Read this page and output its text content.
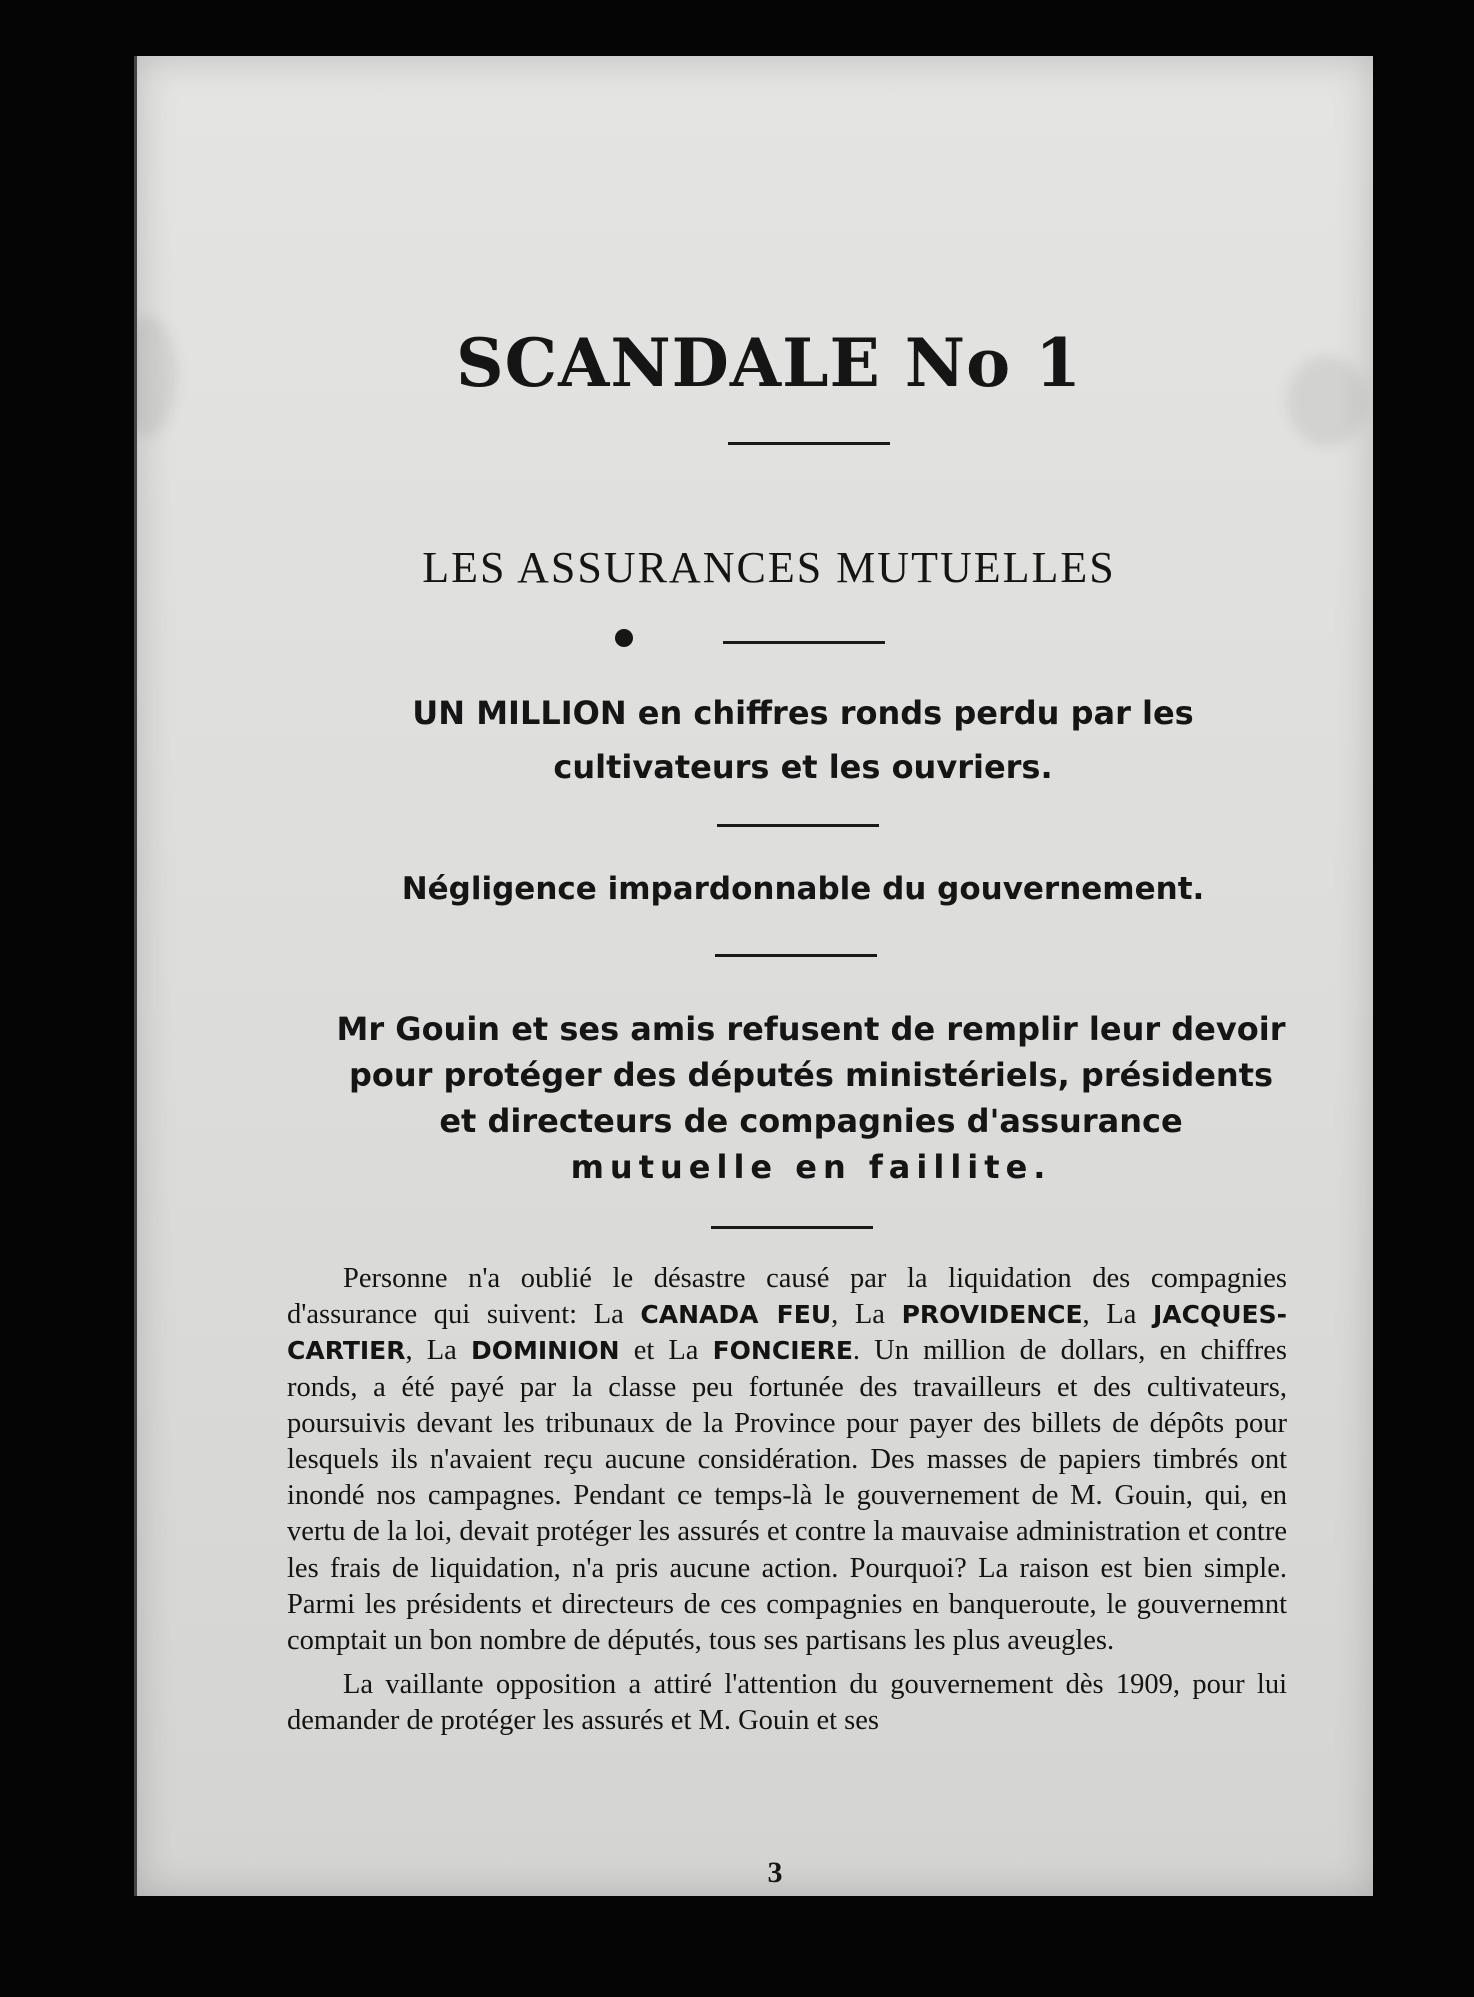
SCANDALE No 1
LES ASSURANCES MUTUELLES
UN MILLION en chiffres ronds perdu par les
cultivateurs et les ouvriers.
Négligence impardonnable du gouvernement.
Mr Gouin et ses amis refusent de remplir leur devoir
pour protéger des députés ministériels, présidents
et directeurs de compagnies d'assurance
mutuelle en faillite.

Personne n'a oublié le désastre causé par la liquidation des compagnies d'assurance qui suivent: La CANADA FEU, La PROVIDENCE, La JACQUES-CARTIER, La DOMINION et La FONCIERE. Un million de dollars, en chiffres ronds, a été payé par la classe peu fortunée des travailleurs et des cultivateurs, poursuivis devant les tribunaux de la Province pour payer des billets de dépôts pour lesquels ils n'avaient reçu aucune considération. Des masses de papiers timbrés ont inondé nos campagnes. Pendant ce temps-là le gouvernement de M. Gouin, qui, en vertu de la loi, devait protéger les assurés et contre la mauvaise administration et contre les frais de liquidation, n'a pris aucune action. Pourquoi? La raison est bien simple. Parmi les présidents et directeurs de ces compagnies en banqueroute, le gouvernemnt comptait un bon nombre de députés, tous ses partisans les plus aveugles.

La vaillante opposition a attiré l'attention du gouvernement dès 1909, pour lui demander de protéger les assurés et M. Gouin et ses

3
